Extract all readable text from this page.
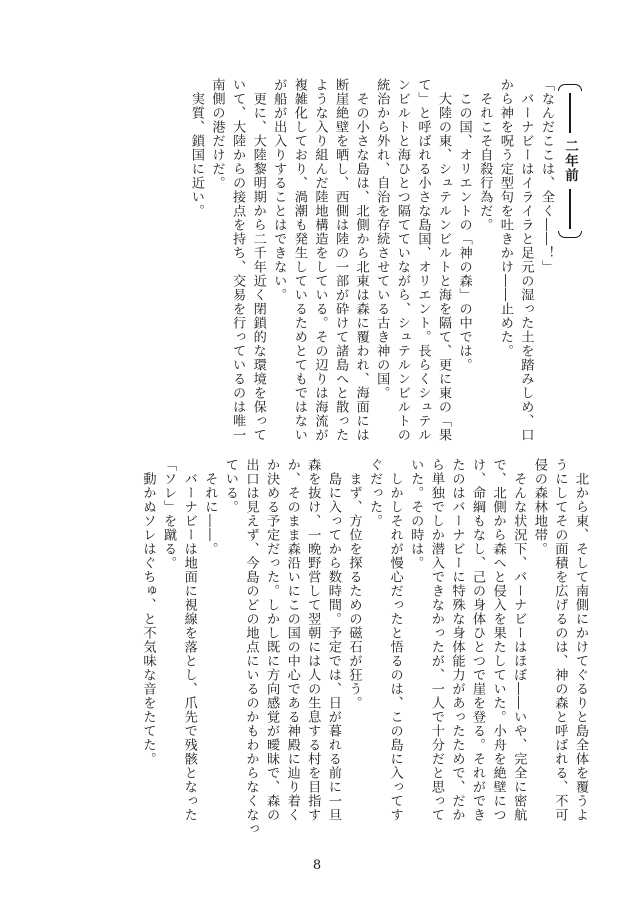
二年前

「なんだここは、全く――！」

　バーナビーはイライラと足元の湿った土を踏みしめ、口

から神を呪う定型句を吐きかけ――止めた。

　それこそ自殺行為だ。

　この国、オリエントの「神の森」の中では。

　大陸の東、シュテルンビルトと海を隔て、更に東の「果

て」と呼ばれる小さな島国、オリエント。長らくシュテル

ンビルトと海ひとつ隔てていながら、シュテルンビルトの

統治から外れ、自治を存続させている古き神の国。

　その小さな島は、北側から北東は森に覆われ、海面には

断崖絶壁を晒し、西側は陸の一部が砕けて諸島へと散った

ような入り組んだ陸地構造をしている。その辺りは海流が

複雑化しており、渦潮も発生しているためとてもではない

が船が出入りすることはできない。

　更に、大陸黎明期から二千年近く閉鎖的な環境を保って

いて、大陸からの接点を持ち、交易を行っているのは唯一

南側の港だけだ。

　実質、鎖国に近い。

　北から東、そして南側にかけてぐるりと島全体を覆うよ

うにしてその面積を広げるのは、神の森と呼ばれる、不可

侵の森林地帯。

　そんな状況下、バーナビーはほぼ――いや、完全に密航

で、北側から森へと侵入を果たしていた。小舟を絶壁につ

け、命綱もなし、己の身体ひとつで崖を登る。それができ

たのはバーナビーに特殊な身体能力があったためで、だか

ら単独でしか潜入できなかったが、一人で十分だと思って

いた。その時は。

　しかしそれが慢心だったと悟るのは、この島に入ってす

ぐだった。

　まず、方位を探るための磁石が狂う。

　島に入ってから数時間。予定では、日が暮れる前に一旦

森を抜け、一晩野営して翌朝には人の生息する村を目指す

か、そのまま森沿いにこの国の中心である神殿に辿り着く

か決める予定だった。しかし既に方向感覚が曖昧で、森の

出口は見えず、今島のどの地点にいるのかもわからなくなっ

ている。

　それに――。

　バーナビーは地面に視線を落とし、爪先で残骸となった

「ソレ」を蹴る。

　動かぬソレはぐちゅ、と不気味な音をたてた。

8
